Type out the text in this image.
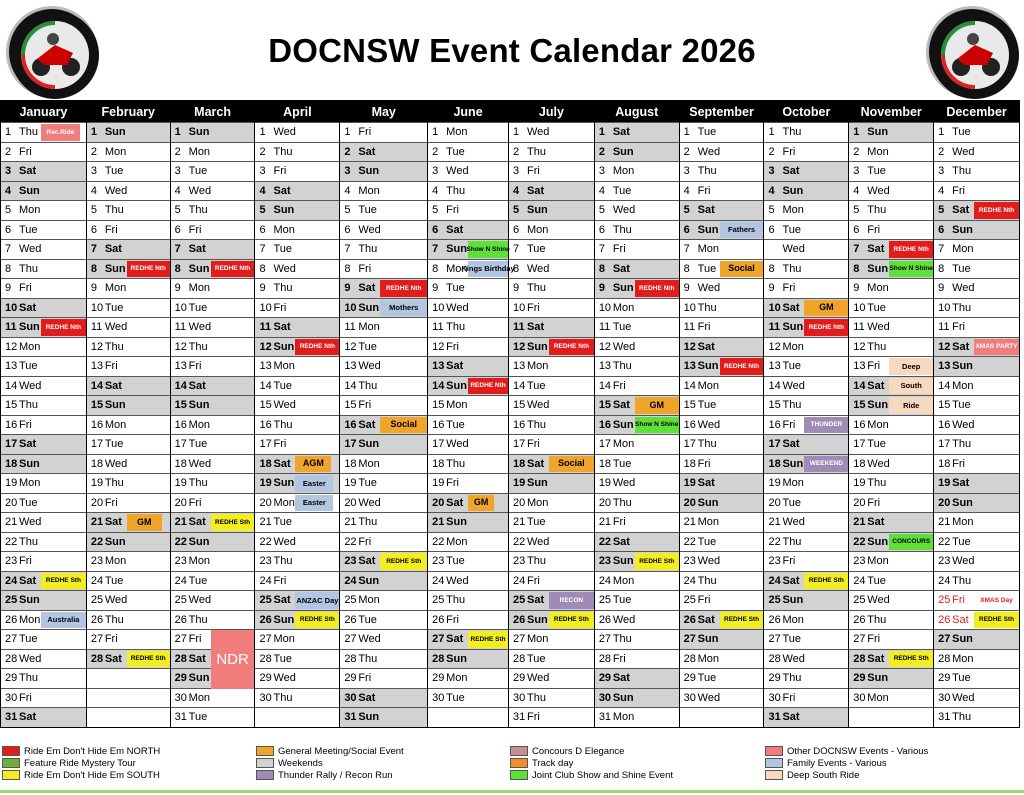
DOCNSW Event Calendar 2026
January
1 Thu	Rec.Ride
2 Fri
3 Sat
4 Sun
5 Mon
6 Tue
7 Wed
8 Thu
9 Fri
10 Sat
11 Sun REDHE Nth
12 Mon
13 Tue
14 Wed
15 Thu
16 Fri
17 Sat
18 Sun
19 Mon
20 Tue
21 Wed
22 Thu
23 Fri
24 Sat	REDHE Sth
25 Sun
26 Mon Australia
27 Tue
28 Wed
29 Thu
30 Fri
31 Sat
February
1 Sun
2 Mon
3 Tue
4 Wed
5 Thu
6 Fri
7 Sat
8 Sun REDHE Nth
9 Mon
10 Tue
11 Wed
12 Thu
13 Fri
14 Sat
15 Sun
16 Mon
17 Tue
18 Wed
19 Thu
20 Fri
21 Sat	GM
22 Sun
23 Mon
24 Tue
25 Wed
26 Thu
27 Fri
28 Sat	REDHE Sth
March
1 Sun
2 Mon
3 Tue
4 Wed
5 Thu
6 Fri
7 Sat
8 Sun REDHE Nth
9 Mon
10 Tue
11 Wed
12 Thu
13 Fri
14 Sat
15 Sun
16 Mon
17 Tue
18 Wed
19 Thu
20 Fri
21 Sat	REDHE Sth
22 Sun
23 Mon
24 Tue
25 Wed
26 Thu
27 Fri
NDR
28 Sat
29 Sun
30 Mon
31 Tue
April
1 Wed
2 Thu
3 Fri
4 Sat
5 Sun
6 Mon
7 Tue
8 Wed
9 Thu
10 Fri
11 Sat
12 Sun REDHE Nth
13 Mon
14 Tue
15 Wed
16 Thu
17 Fri
18 Sat	AGM
19 Sun	Easter
20 Mon	Easter
21 Tue
22 Wed
23 Thu
24 Fri
25 Sat ANZAC Day
26 Sun REDHE Sth
27 Mon
28 Tue
29 Wed
30 Thu
May
1 Fri
2 Sat
3 Sun
4 Mon
5 Tue
6 Wed
7 Thu
8 Fri
9 Sat	REDHE Nth
10 Sun	Mothers
11 Mon
12 Tue
13 Wed
14 Thu
15 Fri
16 Sat	Social
17 Sun
18 Mon
19 Tue
20 Wed
21 Thu
22 Fri
23 Sat	REDHE Sth
24 Sun
25 Mon
26 Tue
27 Wed
28 Thu
29 Fri
30 Sat
31 Sun
June
1 Mon
2 Tue
3 Wed
4 Thu
5 Fri
6 Sat
7 Sun Show N Shine
8 Mon
Kings Birthday
9 Tue
10 Wed
11 Thu
12 Fri
13 Sat
14 Sun REDHE Nth
15 Mon
16 Tue
17 Wed
18 Thu
19 Fri
20 Sat	GM
21 Sun
22 Mon
23 Tue
24 Wed
25 Thu
26 Fri
27 Sat	REDHE Sth
28 Sun
29 Mon
30 Tue
July
1 Wed
2 Thu
3 Fri
4 Sat
5 Sun
6 Mon
7 Tue
8 Wed
9 Thu
10 Fri
11 Sat
12 Sun REDHE Nth
13 Mon
14 Tue
15 Wed
16 Thu
17 Fri
18 Sat	Social
19 Sun
20 Mon
21 Tue
22 Wed
23 Thu
24 Fri
25 Sat	RECON
26 Sun REDHE Sth
27 Mon
28 Tue
29 Wed
30 Thu
31 Fri
August
1 Sat
2 Sun
3 Mon
4 Tue
5 Wed
6 Thu
7 Fri
8 Sat
9 Sun REDHE Nth
10 Mon
11 Tue
12 Wed
13 Thu
14 Fri
15 Sat	GM
16 Sun Show N Shine
17 Mon
18 Tue
19 Wed
20 Thu
21 Fri
22 Sat
23 Sun REDHE Sth
24 Mon
25 Tue
26 Wed
27 Thu
28 Fri
29 Sat
30 Sun
31 Mon
September
1 Tue
2 Wed
3 Thu
4 Fri
5 Sat
6 Sun	Fathers
7 Mon
8 Tue	Social
9 Wed
10 Thu
11 Fri
12 Sat
13 Sun REDHE Nth
14 Mon
15 Tue
16 Wed
17 Thu
18 Fri
19 Sat
20 Sun
21 Mon
22 Tue
23 Wed
24 Thu
25 Fri
26 Sat	REDHE Sth
27 Sun
28 Mon
29 Tue
30 Wed
October
1 Thu
2 Fri
3 Sat
4 Sun
5 Mon
6 Tue
Wed
8 Thu
9 Fri
10 Sat	GM
11 Sun REDHE Nth
12 Mon
13 Tue
14 Wed
15 Thu
16 Fri	THUNDER
17 Sat
18 Sun	WEEKEND
19 Mon
20 Tue
21 Wed
22 Thu
23 Fri
24 Sat	REDHE Sth
25 Sun
26 Mon
27 Tue
28 Wed
29 Thu
30 Fri
31 Sat
November
1 Sun
2 Mon
3 Tue
4 Wed
5 Thu
6 Fri
7 Sat	REDHE Nth
8 Sun Show N Shine
9 Mon
10 Tue
11 Wed
12 Thu
13 Fri	Deep
14 Sat	South
15 Sun	Ride
16 Mon
17 Tue
18 Wed
19 Thu
20 Fri
21 Sat
22 Sun CONCOURS
23 Mon
24 Tue
25 Wed
26 Thu
27 Fri
28 Sat	REDHE Sth
29 Sun
30 Mon
December
1 Tue
2 Wed
3 Thu
4 Fri
5 Sat	REDHE Nth
6 Sun
7 Mon
8 Tue
9 Wed
10 Thu
11 Fri
12 Sat XMAS PARTY
13 Sun
14 Mon
15 Tue
16 Wed
17 Thu
18 Fri
19 Sat
20 Sun
21 Mon
22 Tue
23 Wed
24 Thu
25 Fri	XMAS Day
26 Sat	REDHE Sth
27 Sun
28 Mon
29 Tue
30 Wed
31 Thu
Ride Em Don't Hide Em NORTH
Feature Ride Mystery Tour
Ride Em Don't Hide Em SOUTH
General Meeting/Social Event
Weekends
Thunder Rally / Recon Run
Concours D Elegance
Track day
Joint Club Show and Shine Event
Other DOCNSW Events - Various
Family Events - Various
Deep South Ride
